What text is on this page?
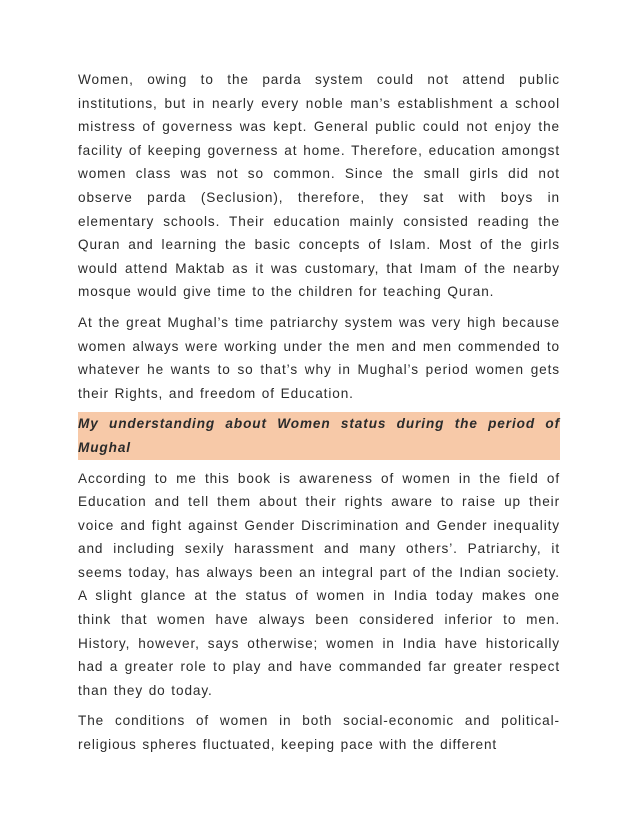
Women, owing to the parda system could not attend public institutions, but in nearly every noble man’s establishment a school mistress of governess was kept. General public could not enjoy the facility of keeping governess at home. Therefore, education amongst women class was not so common. Since the small girls did not observe parda (Seclusion), therefore, they sat with boys in elementary schools. Their education mainly consisted reading the Quran and learning the basic concepts of Islam. Most of the girls would attend Maktab as it was customary, that Imam of the nearby mosque would give time to the children for teaching Quran.

At the great Mughal’s time patriarchy system was very high because women always were working under the men and men commended to whatever he wants to so that’s why in Mughal’s period women gets their Rights, and freedom of Education.

My understanding about Women status during the period of Mughal

According to me this book is awareness of women in the field of Education and tell them about their rights aware to raise up their voice and fight against Gender Discrimination and Gender inequality and including sexily harassment and many others’. Patriarchy, it seems today, has always been an integral part of the Indian society. A slight glance at the status of women in India today makes one think that women have always been considered inferior to men. History, however, says otherwise; women in India have historically had a greater role to play and have commanded far greater respect than they do today.

The conditions of women in both social-economic and political-religious spheres fluctuated, keeping pace with the different
